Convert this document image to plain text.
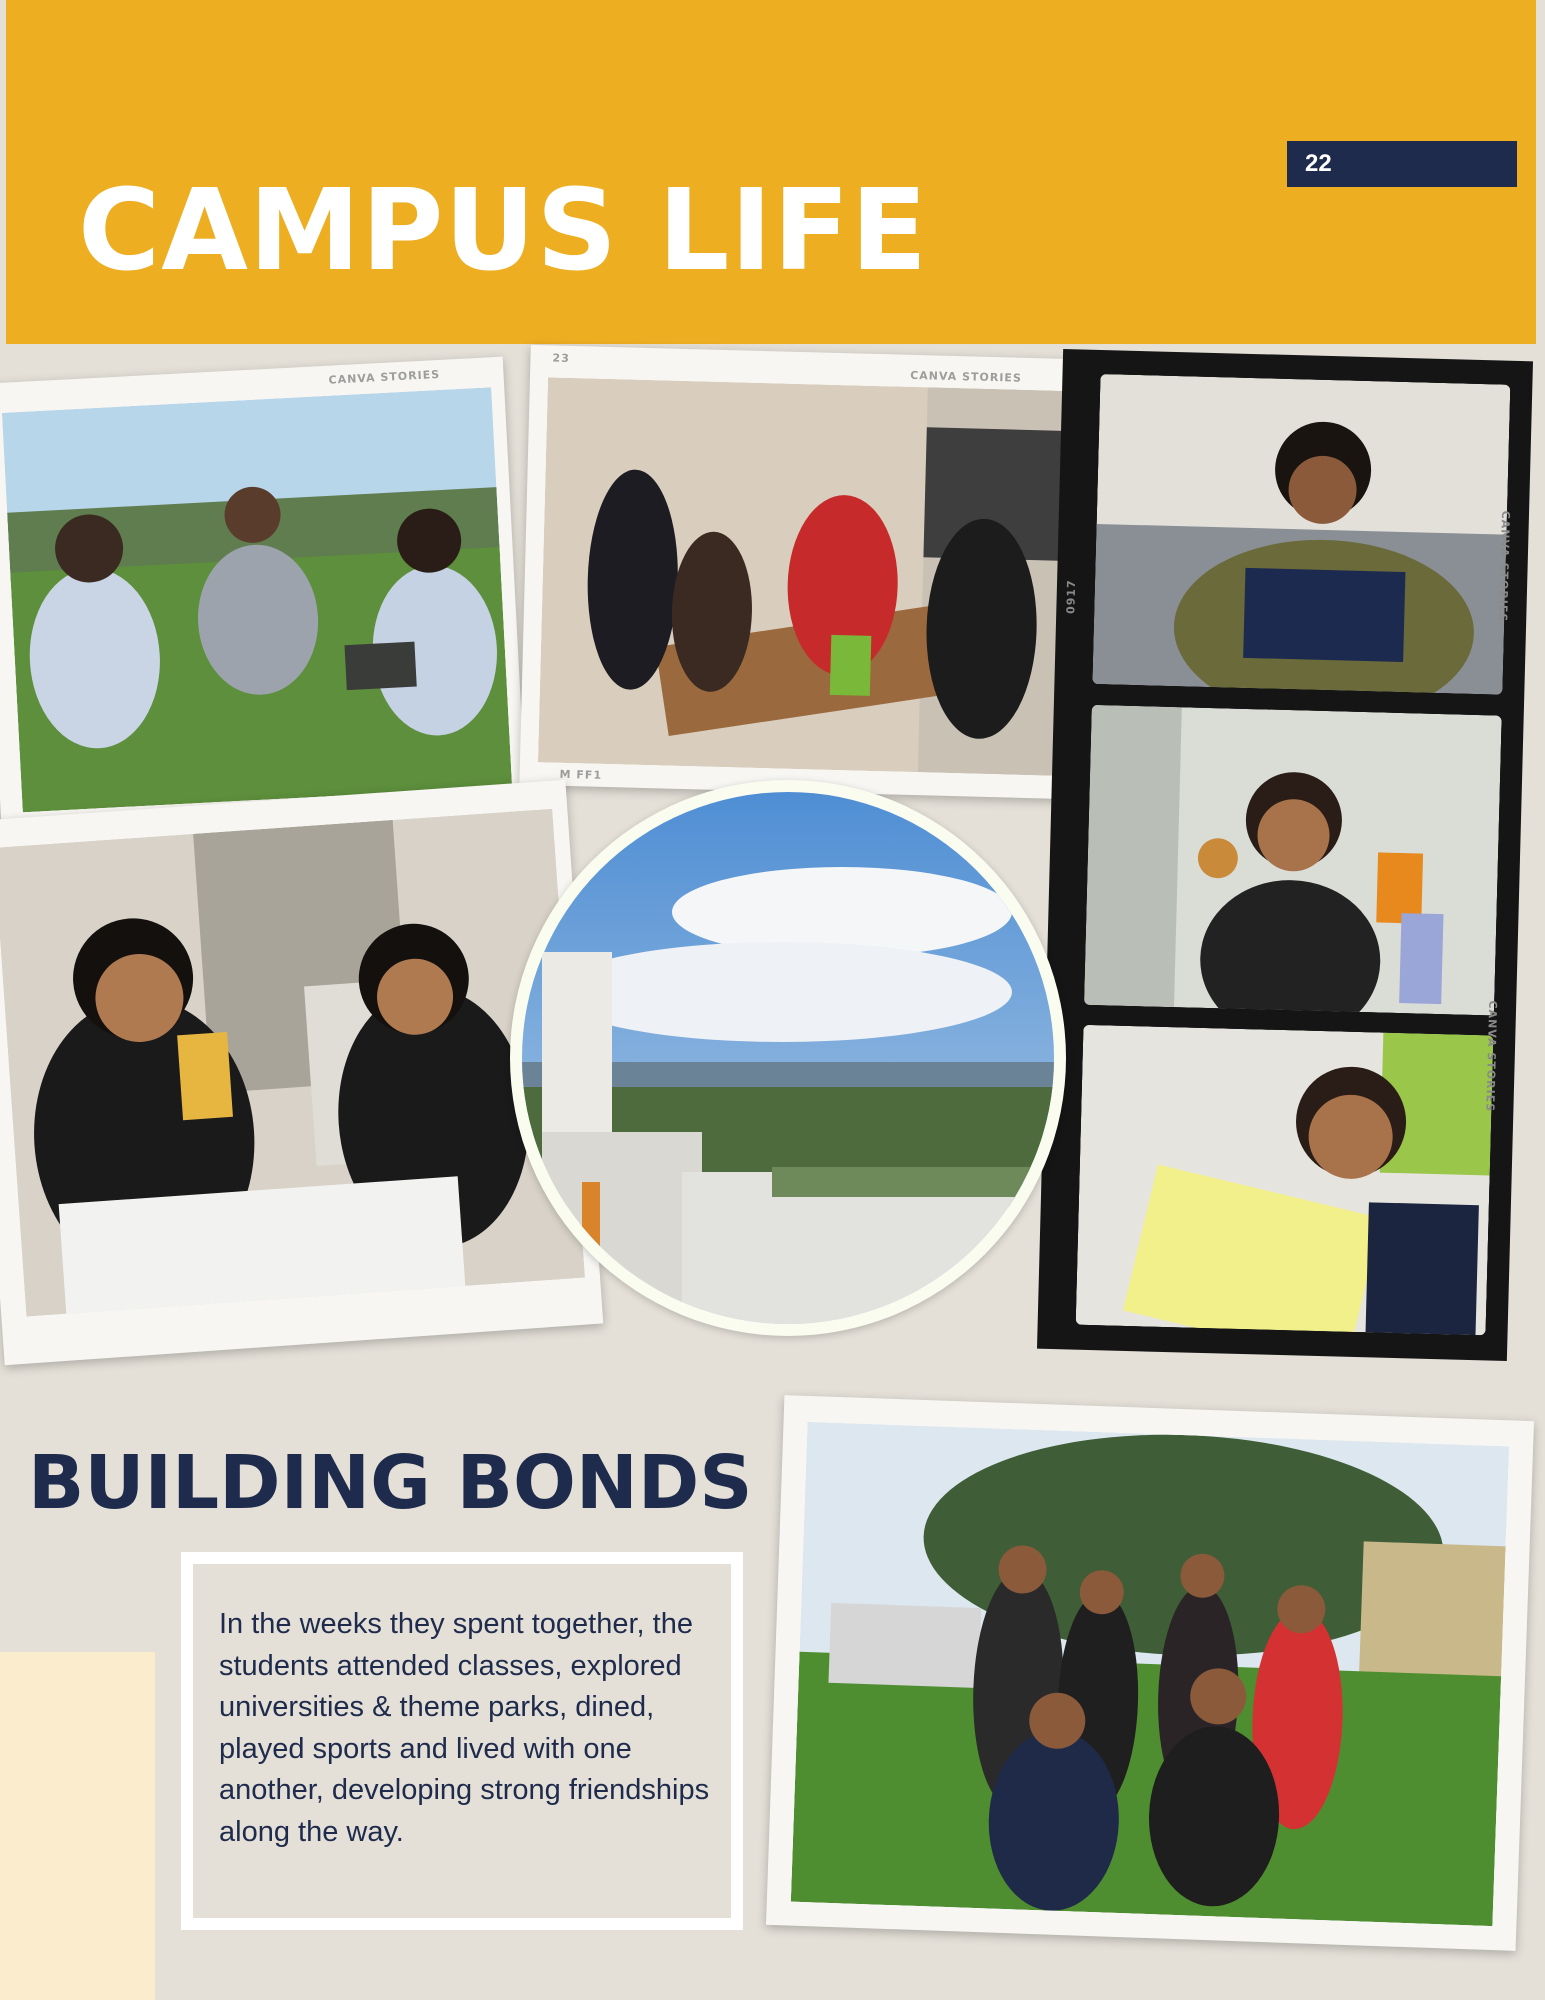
CAMPUS LIFE
22
CANVA STORIES
23
CANVA STORIES
M FF1
CANVA STORIES
0917
CANVA STORIES
BUILDING BONDS

In the weeks they spent together, the students attended classes, explored universities & theme parks, dined, played sports and lived with one another, developing strong friendships along the way.
